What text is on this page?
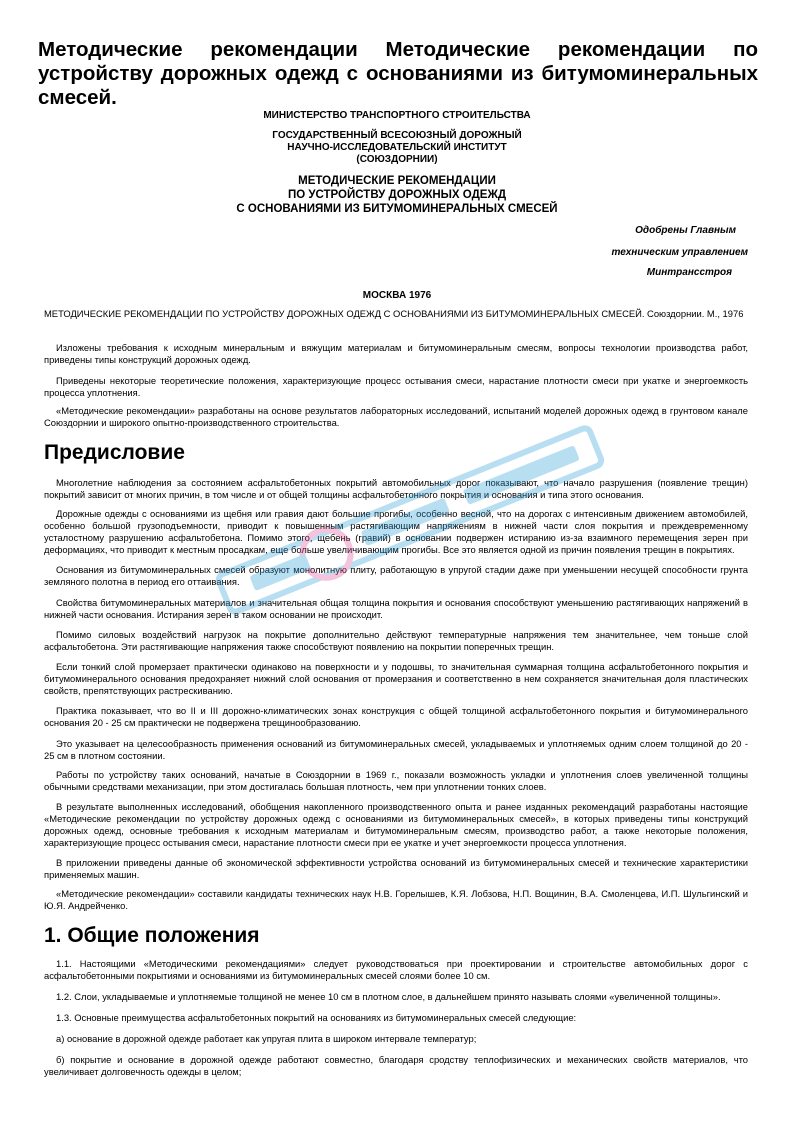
Методические рекомендации Методические рекомендации по устройству дорожных одежд с основаниями из битумоминеральных смесей.

МИНИСТЕРСТВО ТРАНСПОРТНОГО СТРОИТЕЛЬСТВА

ГОСУДАРСТВЕННЫЙ ВСЕСОЮЗНЫЙ ДОРОЖНЫЙ

НАУЧНО-ИССЛЕДОВАТЕЛЬСКИЙ ИНСТИТУТ

(СОЮЗДОРНИИ)

МЕТОДИЧЕСКИЕ РЕКОМЕНДАЦИИ

ПО УСТРОЙСТВУ ДОРОЖНЫХ ОДЕЖД

С ОСНОВАНИЯМИ ИЗ БИТУМОМИНЕРАЛЬНЫХ СМЕСЕЙ

Одобрены Главным

техническим управлением

Минтрансстроя

МОСКВА 1976

МЕТОДИЧЕСКИЕ РЕКОМЕНДАЦИИ ПО УСТРОЙСТВУ ДОРОЖНЫХ ОДЕЖД С ОСНОВАНИЯМИ ИЗ БИТУМОМИНЕРАЛЬНЫХ СМЕСЕЙ. Союздорнии. М., 1976

Изложены требования к исходным минеральным и вяжущим материалам и битумоминеральным смесям, вопросы технологии производства работ, приведены типы конструкций дорожных одежд.

Приведены некоторые теоретические положения, характеризующие процесс остывания смеси, нарастание плотности смеси при укатке и энергоемкость процесса уплотнения.

«Методические рекомендации» разработаны на основе результатов лабораторных исследований, испытаний моделей дорожных одежд в грунтовом канале Союздорнии и широкого опытно-производственного строительства.

Предисловие

Многолетние наблюдения за состоянием асфальтобетонных покрытий автомобильных дорог показывают, что начало разрушения (появление трещин) покрытий зависит от многих причин, в том числе и от общей толщины асфальтобетонного покрытия и основания и типа этого основания.

Дорожные одежды с основаниями из щебня или гравия дают большие прогибы, особенно весной, что на дорогах с интенсивным движением автомобилей, особенно большой грузоподъемности, приводит к повышенным растягивающим напряжениям в нижней части слоя покрытия и преждевременному усталостному разрушению асфальтобетона. Помимо этого, щебень (гравий) в основании подвержен истиранию из-за взаимного перемещения зерен при деформациях, что приводит к местным просадкам, еще больше увеличивающим прогибы. Все это является одной из причин появления трещин в покрытиях.

Основания из битумоминеральных смесей образуют монолитную плиту, работающую в упругой стадии даже при уменьшении несущей способности грунта земляного полотна в период его оттаивания.

Свойства битумоминеральных материалов и значительная общая толщина покрытия и основания способствуют уменьшению растягивающих напряжений в нижней части основания. Истирания зерен в таком основании не происходит.

Помимо силовых воздействий нагрузок на покрытие дополнительно действуют температурные напряжения тем значительнее, чем тоньше слой асфальтобетона. Эти растягивающие напряжения также способствуют появлению на покрытии поперечных трещин.

Если тонкий слой промерзает практически одинаково на поверхности и у подошвы, то значительная суммарная толщина асфальтобетонного покрытия и битумоминерального основания предохраняет нижний слой основания от промерзания и соответственно в нем сохраняется значительная доля пластических свойств, препятствующих растрескиванию.

Практика показывает, что во II и III дорожно-климатических зонах конструкция с общей толщиной асфальтобетонного покрытия и битумоминерального основания 20 - 25 см практически не подвержена трещинообразованию.

Это указывает на целесообразность применения оснований из битумоминеральных смесей, укладываемых и уплотняемых одним слоем толщиной до 20 - 25 см в плотном состоянии.

Работы по устройству таких оснований, начатые в Союздорнии в 1969 г., показали возможность укладки и уплотнения слоев увеличенной толщины обычными средствами механизации, при этом достигалась большая плотность, чем при уплотнении тонких слоев.

В результате выполненных исследований, обобщения накопленного производственного опыта и ранее изданных рекомендаций разработаны настоящие «Методические рекомендации по устройству дорожных одежд с основаниями из битумоминеральных смесей», в которых приведены типы конструкций дорожных одежд, основные требования к исходным материалам и битумоминеральным смесям, производство работ, а также некоторые положения, характеризующие процесс остывания смеси, нарастание плотности смеси при ее укатке и учет энергоемкости процесса уплотнения.

В приложении приведены данные об экономической эффективности устройства оснований из битумоминеральных смесей и технические характеристики применяемых машин.

«Методические рекомендации» составили кандидаты технических наук Н.В. Горелышев, К.Я. Лобзова, Н.П. Вощинин, В.А. Смоленцева, И.П. Шульгинский и Ю.Я. Андрейченко.

1. Общие положения

1.1. Настоящими «Методическими рекомендациями» следует руководствоваться при проектировании и строительстве автомобильных дорог с асфальтобетонными покрытиями и основаниями из битумоминеральных смесей слоями более 10 см.

1.2. Слои, укладываемые и уплотняемые толщиной не менее 10 см в плотном слое, в дальнейшем принято называть слоями «увеличенной толщины».

1.3. Основные преимущества асфальтобетонных покрытий на основаниях из битумоминеральных смесей следующие:

а) основание в дорожной одежде работает как упругая плита в широком интервале температур;

б) покрытие и основание в дорожной одежде работают совместно, благодаря сродству теплофизических и механических свойств материалов, что увеличивает долговечность одежды в целом;
